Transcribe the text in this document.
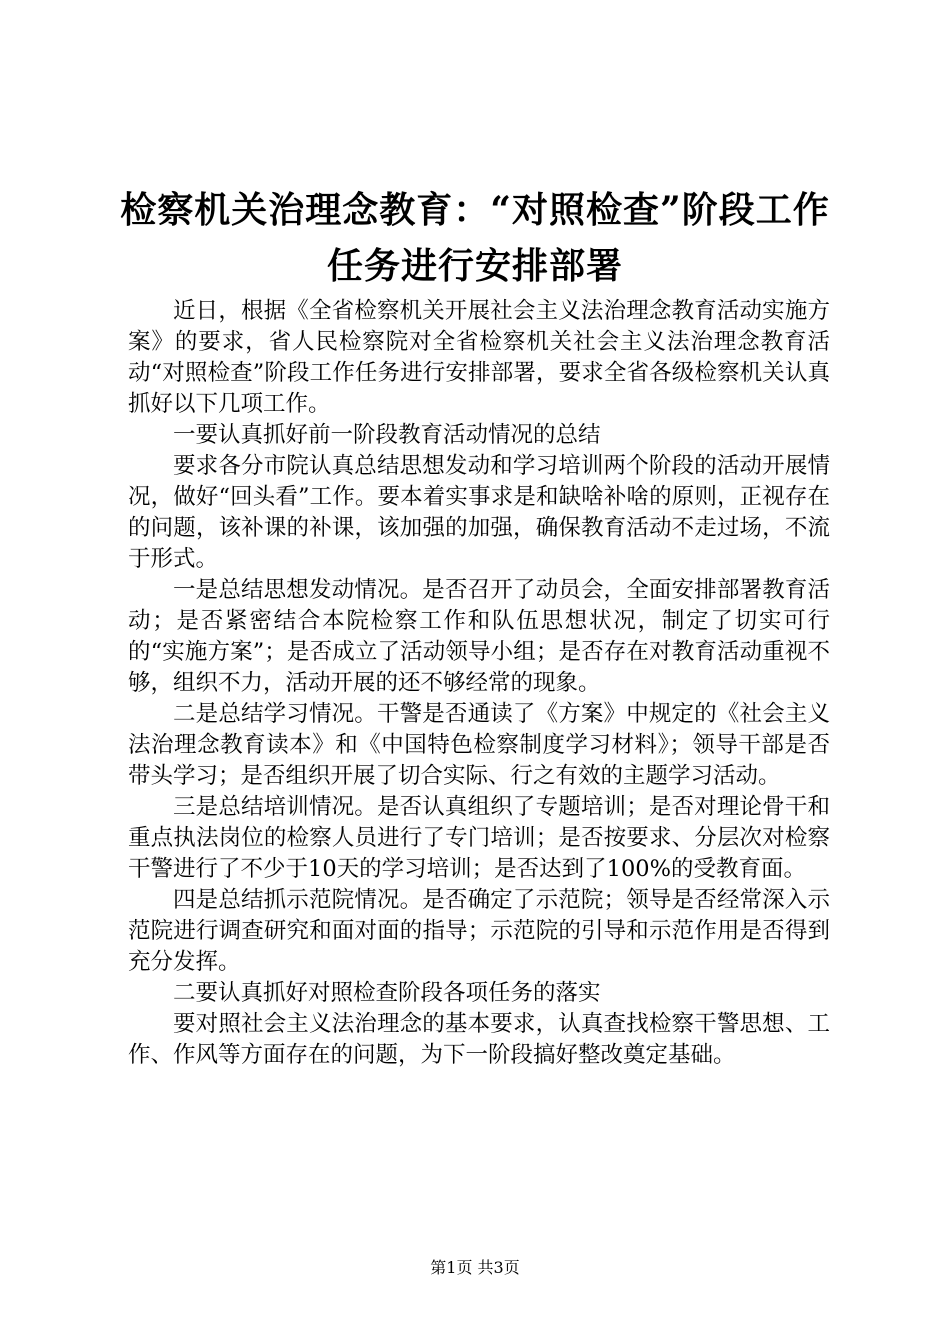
检察机关治理念教育：“对照检查”阶段工作
任务进行安排部署

近日，根据《全省检察机关开展社会主义法治理念教育活动实施方案》的要求，省人民检察院对全省检察机关社会主义法治理念教育活动“对照检查”阶段工作任务进行安排部署，要求全省各级检察机关认真抓好以下几项工作。

一要认真抓好前一阶段教育活动情况的总结

要求各分市院认真总结思想发动和学习培训两个阶段的活动开展情况，做好“回头看”工作。要本着实事求是和缺啥补啥的原则，正视存在的问题，该补课的补课，该加强的加强，确保教育活动不走过场，不流于形式。

一是总结思想发动情况。是否召开了动员会，全面安排部署教育活动；是否紧密结合本院检察工作和队伍思想状况，制定了切实可行的“实施方案”；是否成立了活动领导小组；是否存在对教育活动重视不够，组织不力，活动开展的还不够经常的现象。

二是总结学习情况。干警是否通读了《方案》中规定的《社会主义法治理念教育读本》和《中国特色检察制度学习材料》；领导干部是否带头学习；是否组织开展了切合实际、行之有效的主题学习活动。

三是总结培训情况。是否认真组织了专题培训；是否对理论骨干和重点执法岗位的检察人员进行了专门培训；是否按要求、分层次对检察干警进行了不少于10天的学习培训；是否达到了100%的受教育面。

四是总结抓示范院情况。是否确定了示范院；领导是否经常深入示范院进行调查研究和面对面的指导；示范院的引导和示范作用是否得到充分发挥。

二要认真抓好对照检查阶段各项任务的落实

要对照社会主义法治理念的基本要求，认真查找检察干警思想、工作、作风等方面存在的问题，为下一阶段搞好整改奠定基础。

第1页 共3页
